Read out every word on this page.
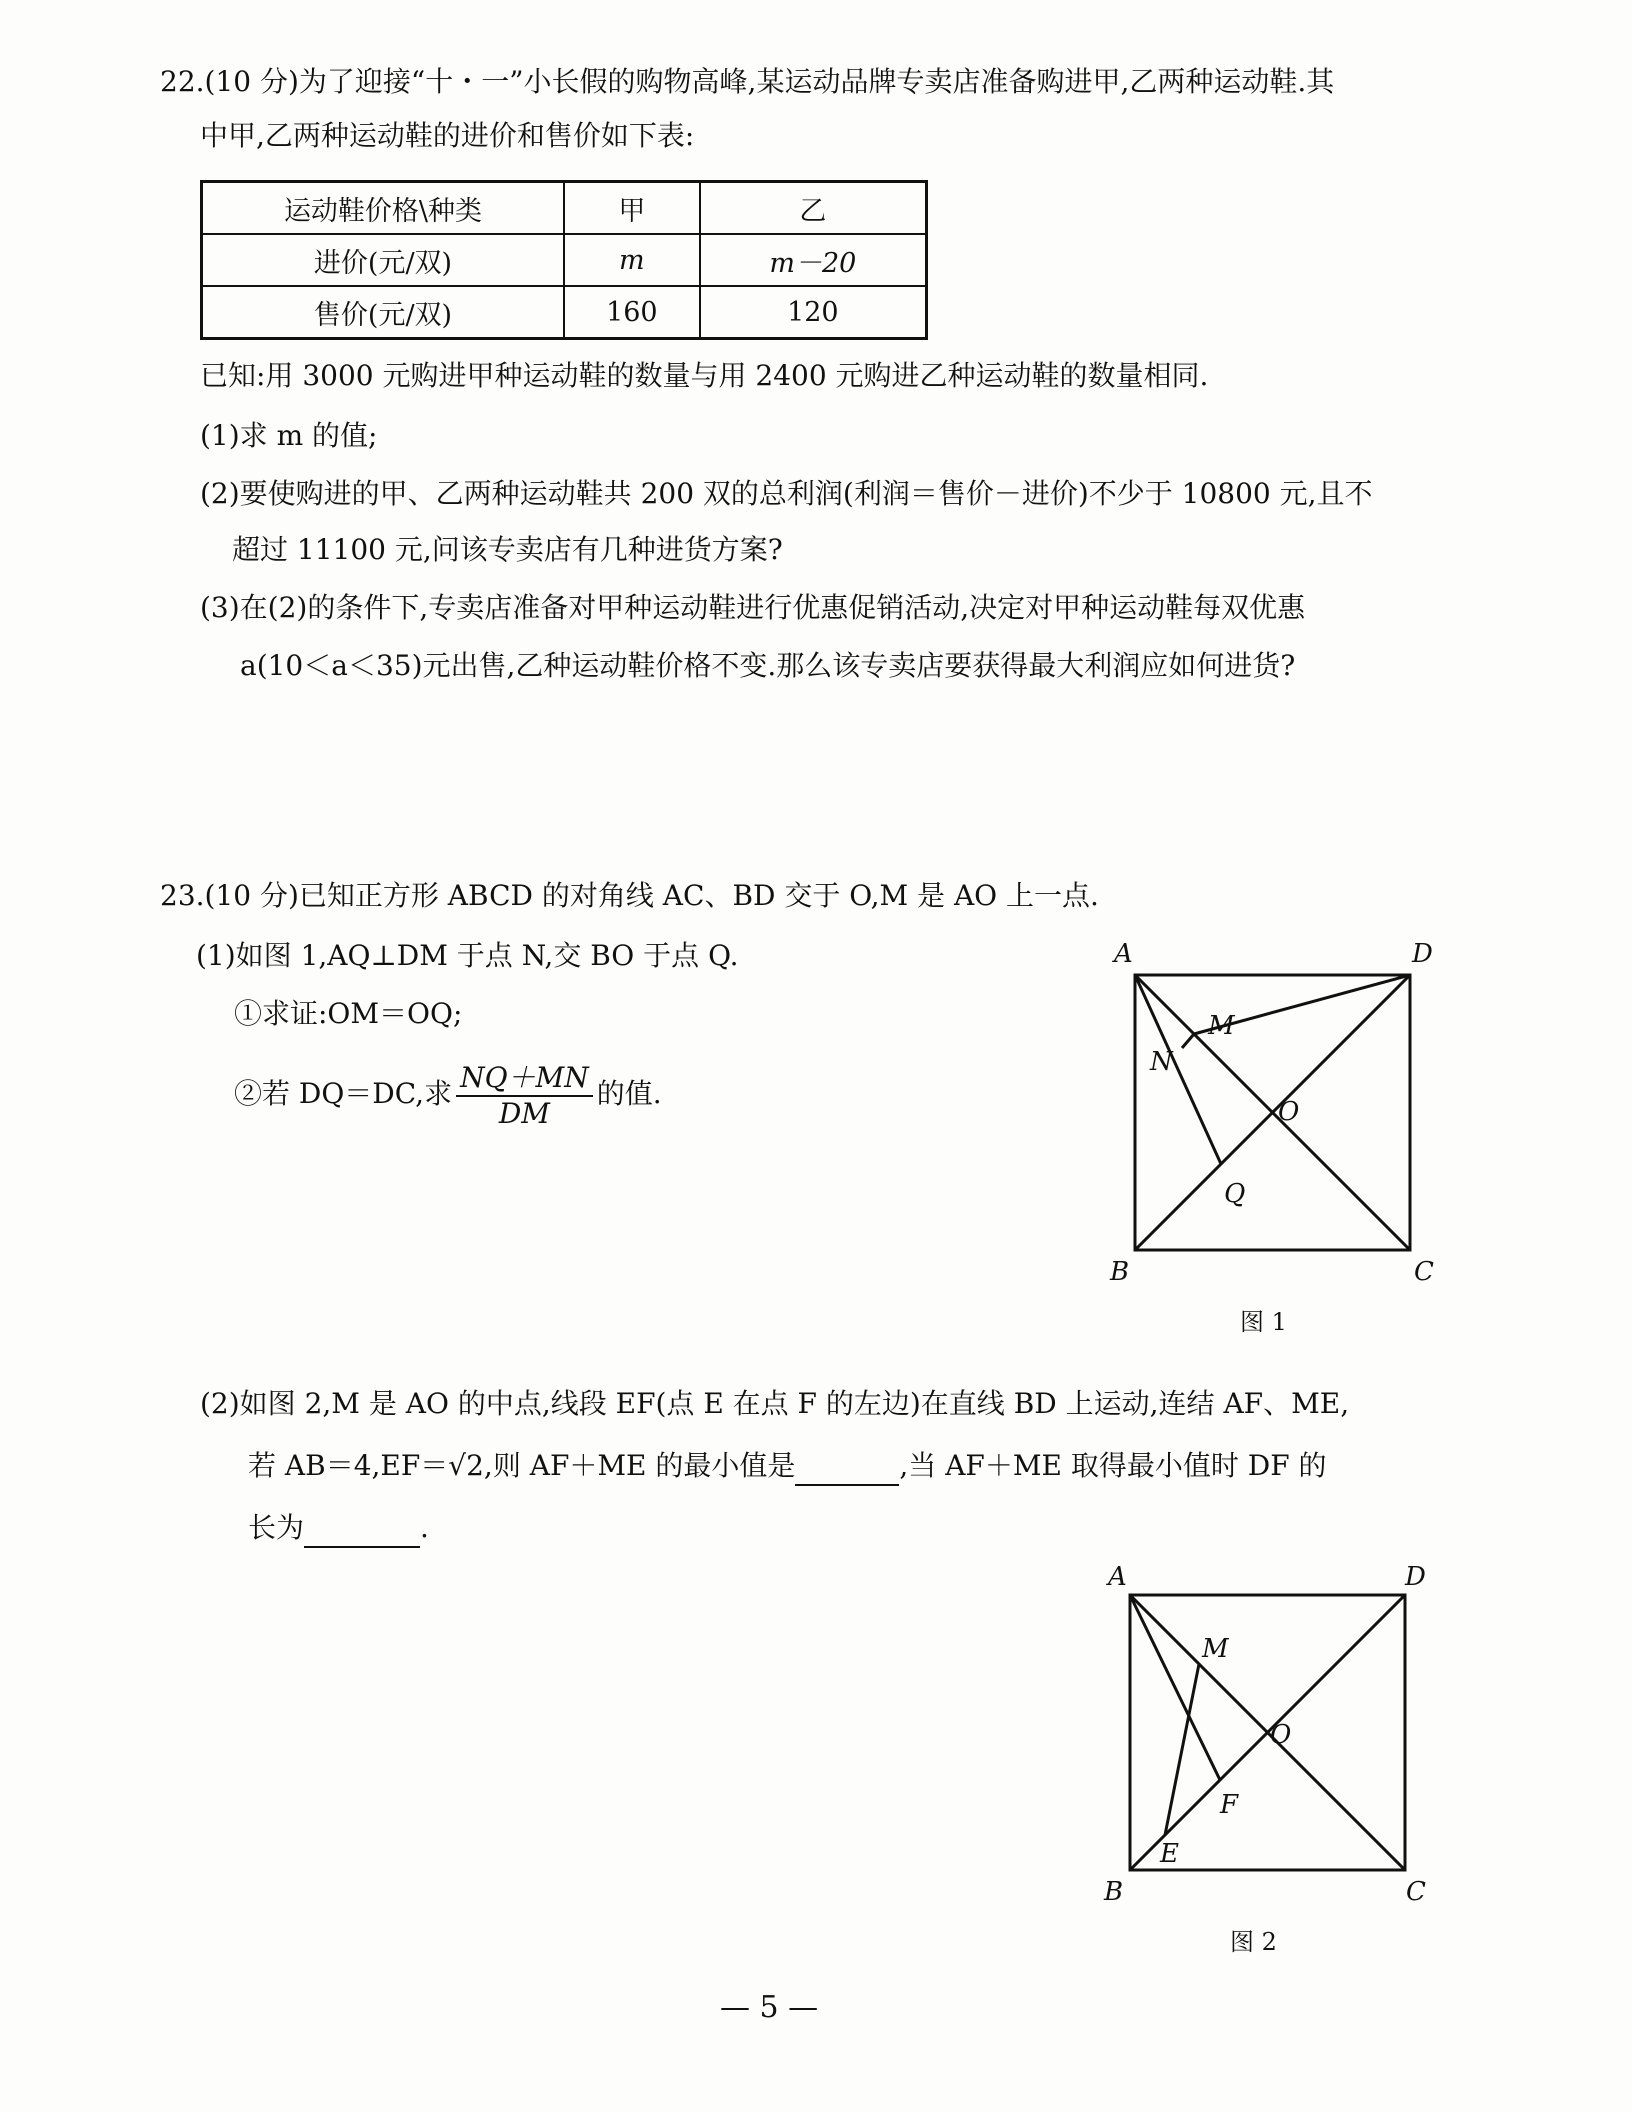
22.(10 分)为了迎接“十・一”小长假的购物高峰,某运动品牌专卖店准备购进甲,乙两种运动鞋.其
中甲,乙两种运动鞋的进价和售价如下表:
运动鞋价格\种类	甲	乙
进价(元/双)	m	m－20
售价(元/双)	160	120
已知:用 3000 元购进甲种运动鞋的数量与用 2400 元购进乙种运动鞋的数量相同.
(1)求 m 的值;
(2)要使购进的甲、乙两种运动鞋共 200 双的总利润(利润＝售价－进价)不少于 10800 元,且不
超过 11100 元,问该专卖店有几种进货方案?
(3)在(2)的条件下,专卖店准备对甲种运动鞋进行优惠促销活动,决定对甲种运动鞋每双优惠
a(10＜a＜35)元出售,乙种运动鞋价格不变.那么该专卖店要获得最大利润应如何进货?
23.(10 分)已知正方形 ABCD 的对角线 AC、BD 交于 O,M 是 AO 上一点.
(1)如图 1,AQ⊥DM 于点 N,交 BO 于点 Q.
①求证:OM＝OQ;
②若 DQ＝DC,求 $\frac{NQ+MN}{DM}$ 的值.
A	D
B	C
M
N
O
Q
图 1
(2)如图 2,M 是 AO 的中点,线段 EF(点 E 在点 F 的左边)在直线 BD 上运动,连结 AF、ME,
若 AB＝4,EF＝√2,则 AF＋ME 的最小值是	,当 AF＋ME 取得最小值时 DF 的
长为	.
A	D
B	C
M
O
F
E
图 2
— 5 —
